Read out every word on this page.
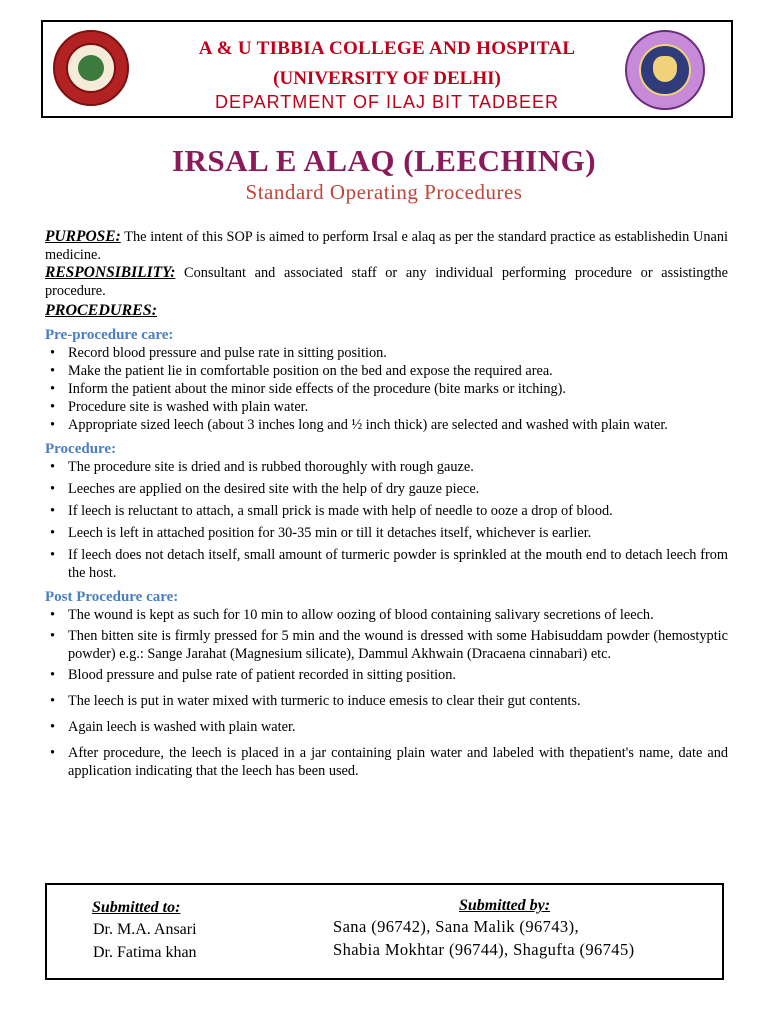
A & U TIBBIA COLLEGE AND HOSPITAL
(UNIVERSITY OF DELHI)
DEPARTMENT OF ILAJ BIT TADBEER
IRSAL E ALAQ (LEECHING)
Standard Operating Procedures

PURPOSE: The intent of this SOP is aimed to perform Irsal e alaq as per the standard practice as establishedin Unani medicine.

RESPONSIBILITY: Consultant and associated staff or any individual performing procedure or assistingthe procedure.

PROCEDURES:

Pre-procedure care:

• Record blood pressure and pulse rate in sitting position.
• Make the patient lie in comfortable position on the bed and expose the required area.
• Inform the patient about the minor side effects of the procedure (bite marks or itching).
• Procedure site is washed with plain water.
• Appropriate sized leech (about 3 inches long and ½ inch thick) are selected and washed with plain water.

Procedure:

• The procedure site is dried and is rubbed thoroughly with rough gauze.
• Leeches are applied on the desired site with the help of dry gauze piece.
• If leech is reluctant to attach, a small prick is made with help of needle to ooze a drop of blood.
• Leech is left in attached position for 30-35 min or till it detaches itself, whichever is earlier.
• If leech does not detach itself, small amount of turmeric powder is sprinkled at the mouth end to detach leech from the host.

Post Procedure care:

• The wound is kept as such for 10 min to allow oozing of blood containing salivary secretions of leech.
• Then bitten site is firmly pressed for 5 min and the wound is dressed with some Habisuddam powder (hemostyptic powder) e.g.: Sange Jarahat (Magnesium silicate), Dammul Akhwain (Dracaena cinnabari) etc.
• Blood pressure and pulse rate of patient recorded in sitting position.
• The leech is put in water mixed with turmeric to induce emesis to clear their gut contents.
• Again leech is washed with plain water.
• After procedure, the leech is placed in a jar containing plain water and labeled with thepatient's name, date and application indicating that the leech has been used.
Submitted to:
Dr. M.A. Ansari
Dr. Fatima khan
Submitted by:
Sana (96742), Sana Malik (96743),
Shabia Mokhtar (96744), Shagufta (96745)
